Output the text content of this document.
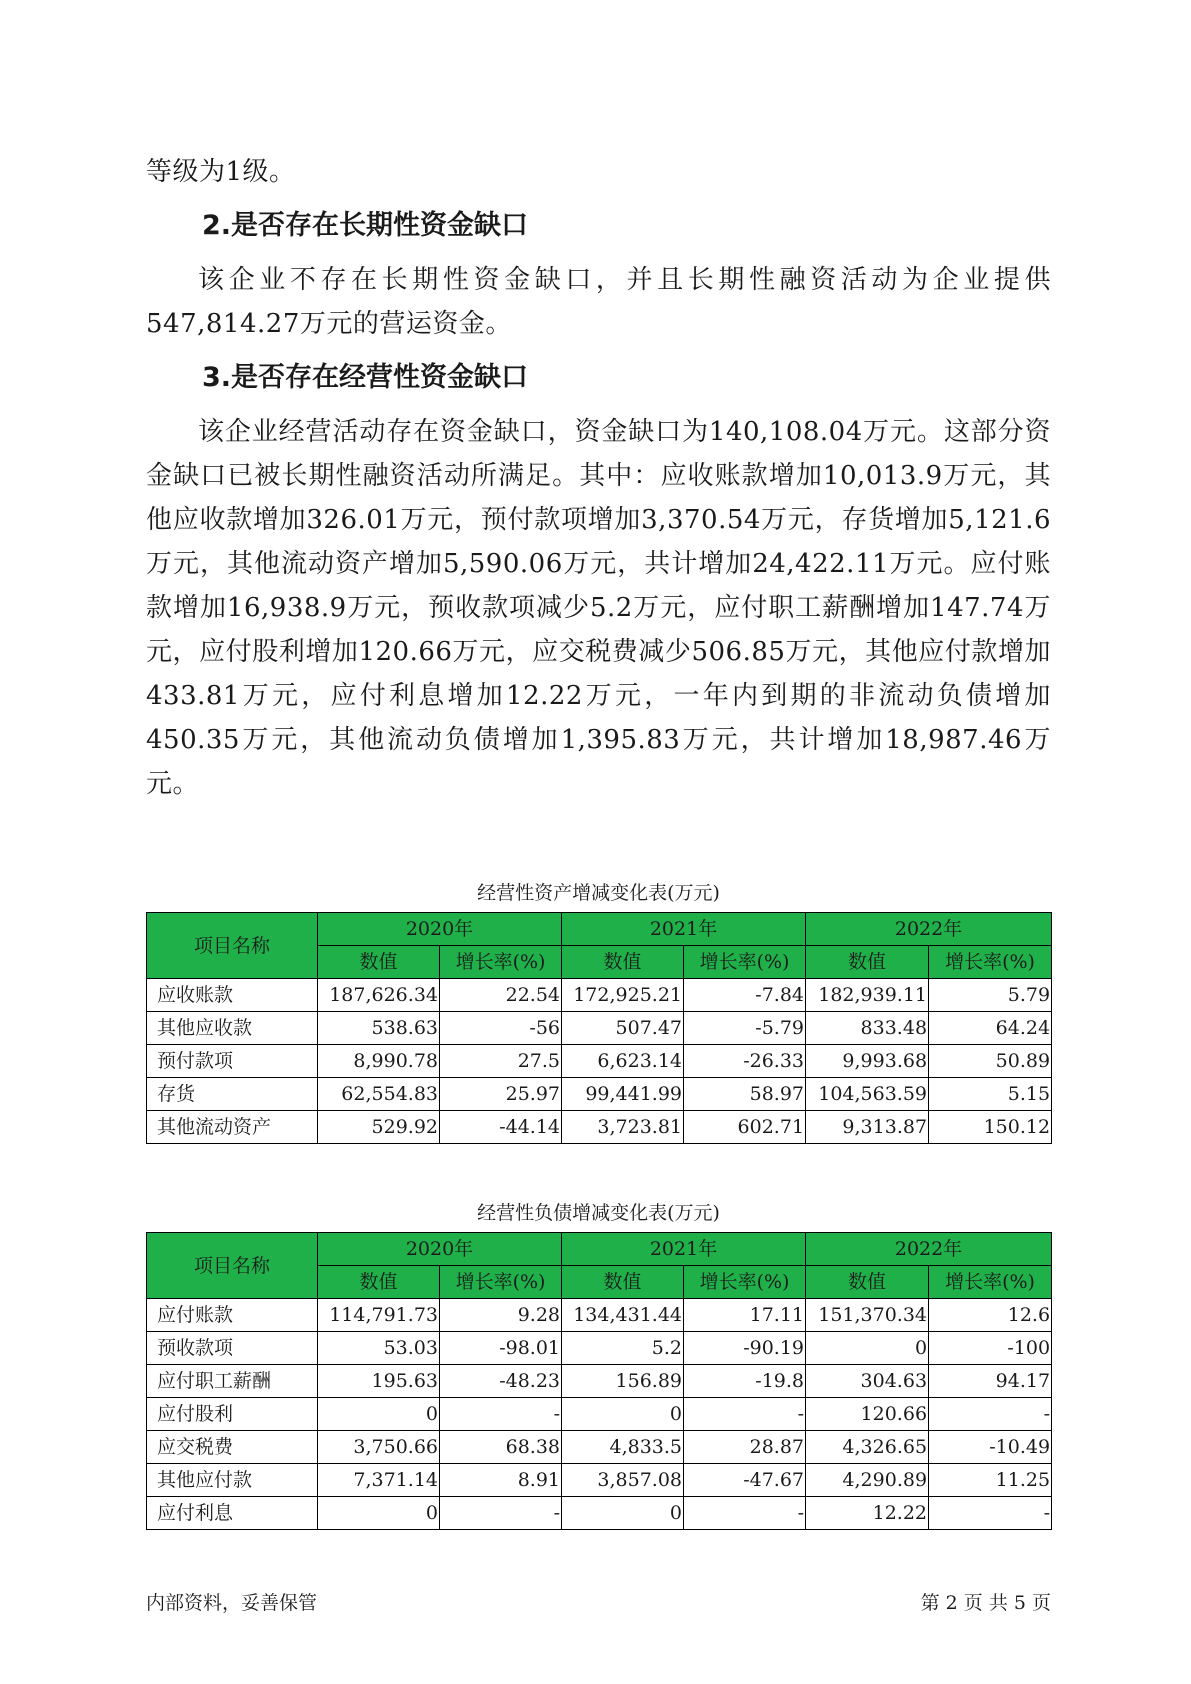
等级为1级。

2.是否存在长期性资金缺口

该企业不存在长期性资金缺口，并且长期性融资活动为企业提供547,814.27万元的营运资金。

3.是否存在经营性资金缺口

该企业经营活动存在资金缺口，资金缺口为140,108.04万元。这部分资金缺口已被长期性融资活动所满足。其中：应收账款增加10,013.9万元，其他应收款增加326.01万元，预付款项增加3,370.54万元，存货增加5,121.6万元，其他流动资产增加5,590.06万元，共计增加24,422.11万元。应付账款增加16,938.9万元，预收款项减少5.2万元，应付职工薪酬增加147.74万元，应付股利增加120.66万元，应交税费减少506.85万元，其他应付款增加433.81万元，应付利息增加12.22万元，一年内到期的非流动负债增加450.35万元，其他流动负债增加1,395.83万元，共计增加18,987.46万元。

经营性资产增减变化表(万元)
项目名称	2020年		2021年		2022年	
	数值	增长率(%)	数值	增长率(%)	数值	增长率(%)
应收账款	187,626.34	22.54	172,925.21	-7.84	182,939.11	5.79
其他应收款	538.63	-56	507.47	-5.79	833.48	64.24
预付款项	8,990.78	27.5	6,623.14	-26.33	9,993.68	50.89
存货	62,554.83	25.97	99,441.99	58.97	104,563.59	5.15
其他流动资产	529.92	-44.14	3,723.81	602.71	9,313.87	150.12
经营性负债增减变化表(万元)
项目名称	2020年		2021年		2022年	
	数值	增长率(%)	数值	增长率(%)	数值	增长率(%)
应付账款	114,791.73	9.28	134,431.44	17.11	151,370.34	12.6
预收款项	53.03	-98.01	5.2	-90.19	0	-100
应付职工薪酬	195.63	-48.23	156.89	-19.8	304.63	94.17
应付股利	0	-	0	-	120.66	-
应交税费	3,750.66	68.38	4,833.5	28.87	4,326.65	-10.49
其他应付款	7,371.14	8.91	3,857.08	-47.67	4,290.89	11.25
应付利息	0	-	0	-	12.22	-
内部资料，妥善保管	第 2 页 共 5 页
